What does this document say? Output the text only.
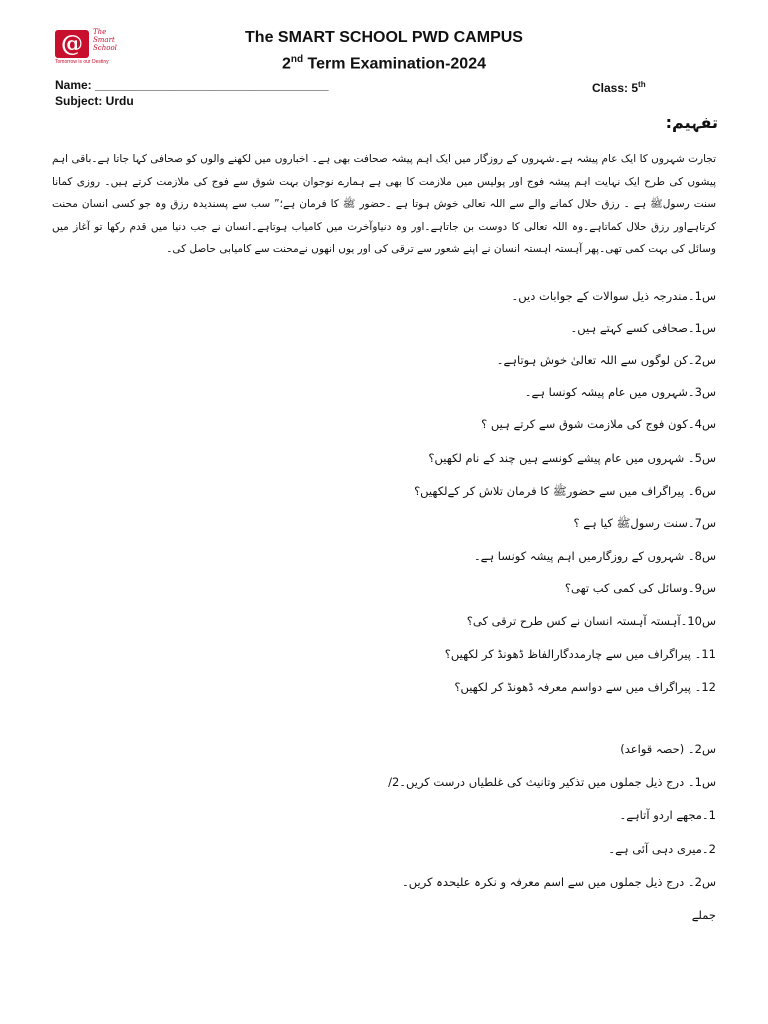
@	The
Smart
School
Tomorrow is our Destiny
The SMART SCHOOL PWD CAMPUS
2nd Term Examination-2024
Name: ___________________________________	Class: 5th
Subject: Urdu
تفہیم:
تجارت شہروں کا ایک عام پیشہ ہے۔شہروں کے روزگار میں ایک اہم پیشہ صحافت بھی ہے۔ اخباروں میں لکھنے والوں کو صحافی کہا جاتا ہے۔باقی اہم پیشوں کی طرح ایک نہایت اہم پیشہ فوج اور پولیس میں ملازمت کا بھی ہے ہمارے نوجوان بہت شوق سے فوج کی ملازمت کرتے ہیں۔ روزی کمانا سنت رسولﷺ ہے ۔ رزق حلال کمانے والے سے اللہ تعالی خوش ہوتا ہے ۔حضور ﷺ کا فرمان ہے؛” سب سے پسندیدہ رزق وہ جو کسی انسان محنت کرتاہےاور رزق حلال کماتاہے۔وہ اللہ تعالی کا دوست بن جاتاہے۔اور وہ دنیاوآخرت میں کامیاب ہوتاہے۔انسان نے جب دنیا میں قدم رکھا تو آغاز میں وسائل کی بہت کمی تھی۔پھر آہستہ اہستہ انسان نے اپنے شعور سے ترقی کی اور یوں انھوں نےمحنت سے کامیابی حاصل کی۔
س1۔مندرجہ ذیل سوالات کے جوابات دیں۔
س1۔صحافی کسے کہتے ہیں۔
س2۔کن لوگوں سے اللہ تعالیٰ خوش ہوتاہے۔
س3۔شہروں میں عام پیشہ کونسا ہے۔
س4۔کون فوج کی ملازمت شوق سے کرتے ہیں ؟
س5۔ شہروں میں عام پیشے کونسے ہیں چند کے نام لکھیں؟
س6۔ پیراگراف میں سے حضورﷺ کا فرمان تلاش کر کےلکھیں؟
س7۔سنت رسولﷺ کیا ہے ؟
س8۔ شہروں کے روزگارمیں اہم پیشہ کونسا ہے۔
س9۔وسائل کی کمی کب تھی؟
س10۔آہستہ آہستہ انسان نے کس طرح ترقی کی؟
11۔ پیراگراف میں سے چارمددگارالفاظ ڈھونڈ کر لکھیں؟
12۔ پیراگراف میں سے دواسم معرفہ ڈھونڈ کر لکھیں؟
س2۔ (حصہ قواعد)
س1۔ درج ذیل جملوں میں تذکیر وتانیث کی غلطیاں درست کریں۔2/
1۔مجھے اردو آتاہے۔
2۔میری دہی آئی ہے۔
س2۔ درج ذیل جملوں میں سے اسم معرفہ و نکرہ علیحدہ کریں۔
جملے
